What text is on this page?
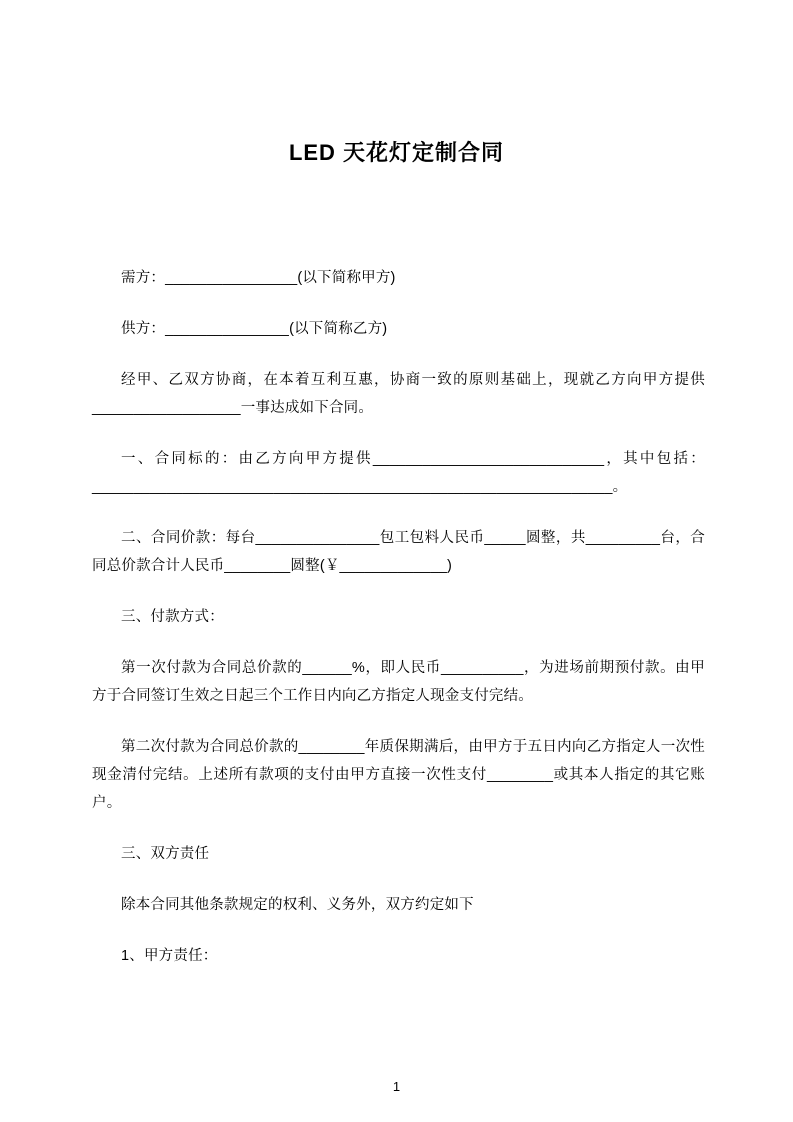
LED 天花灯定制合同

需方：________________(以下简称甲方)

供方：_______________(以下简称乙方)

经甲、乙双方协商，在本着互利互惠，协商一致的原则基础上，现就乙方向甲方提供__________________一事达成如下合同。

一、合同标的：由乙方向甲方提供____________________________，其中包括：_______________________________________________________________。

二、合同价款：每台_______________包工包料人民币_____圆整，共_________台，合同总价款合计人民币________圆整(￥_____________)

三、付款方式：

第一次付款为合同总价款的______%，即人民币__________，为进场前期预付款。由甲方于合同签订生效之日起三个工作日内向乙方指定人现金支付完结。

第二次付款为合同总价款的________年质保期满后，由甲方于五日内向乙方指定人一次性现金清付完结。上述所有款项的支付由甲方直接一次性支付________或其本人指定的其它账户。

三、双方责任

除本合同其他条款规定的权利、义务外，双方约定如下

1、甲方责任：

1
